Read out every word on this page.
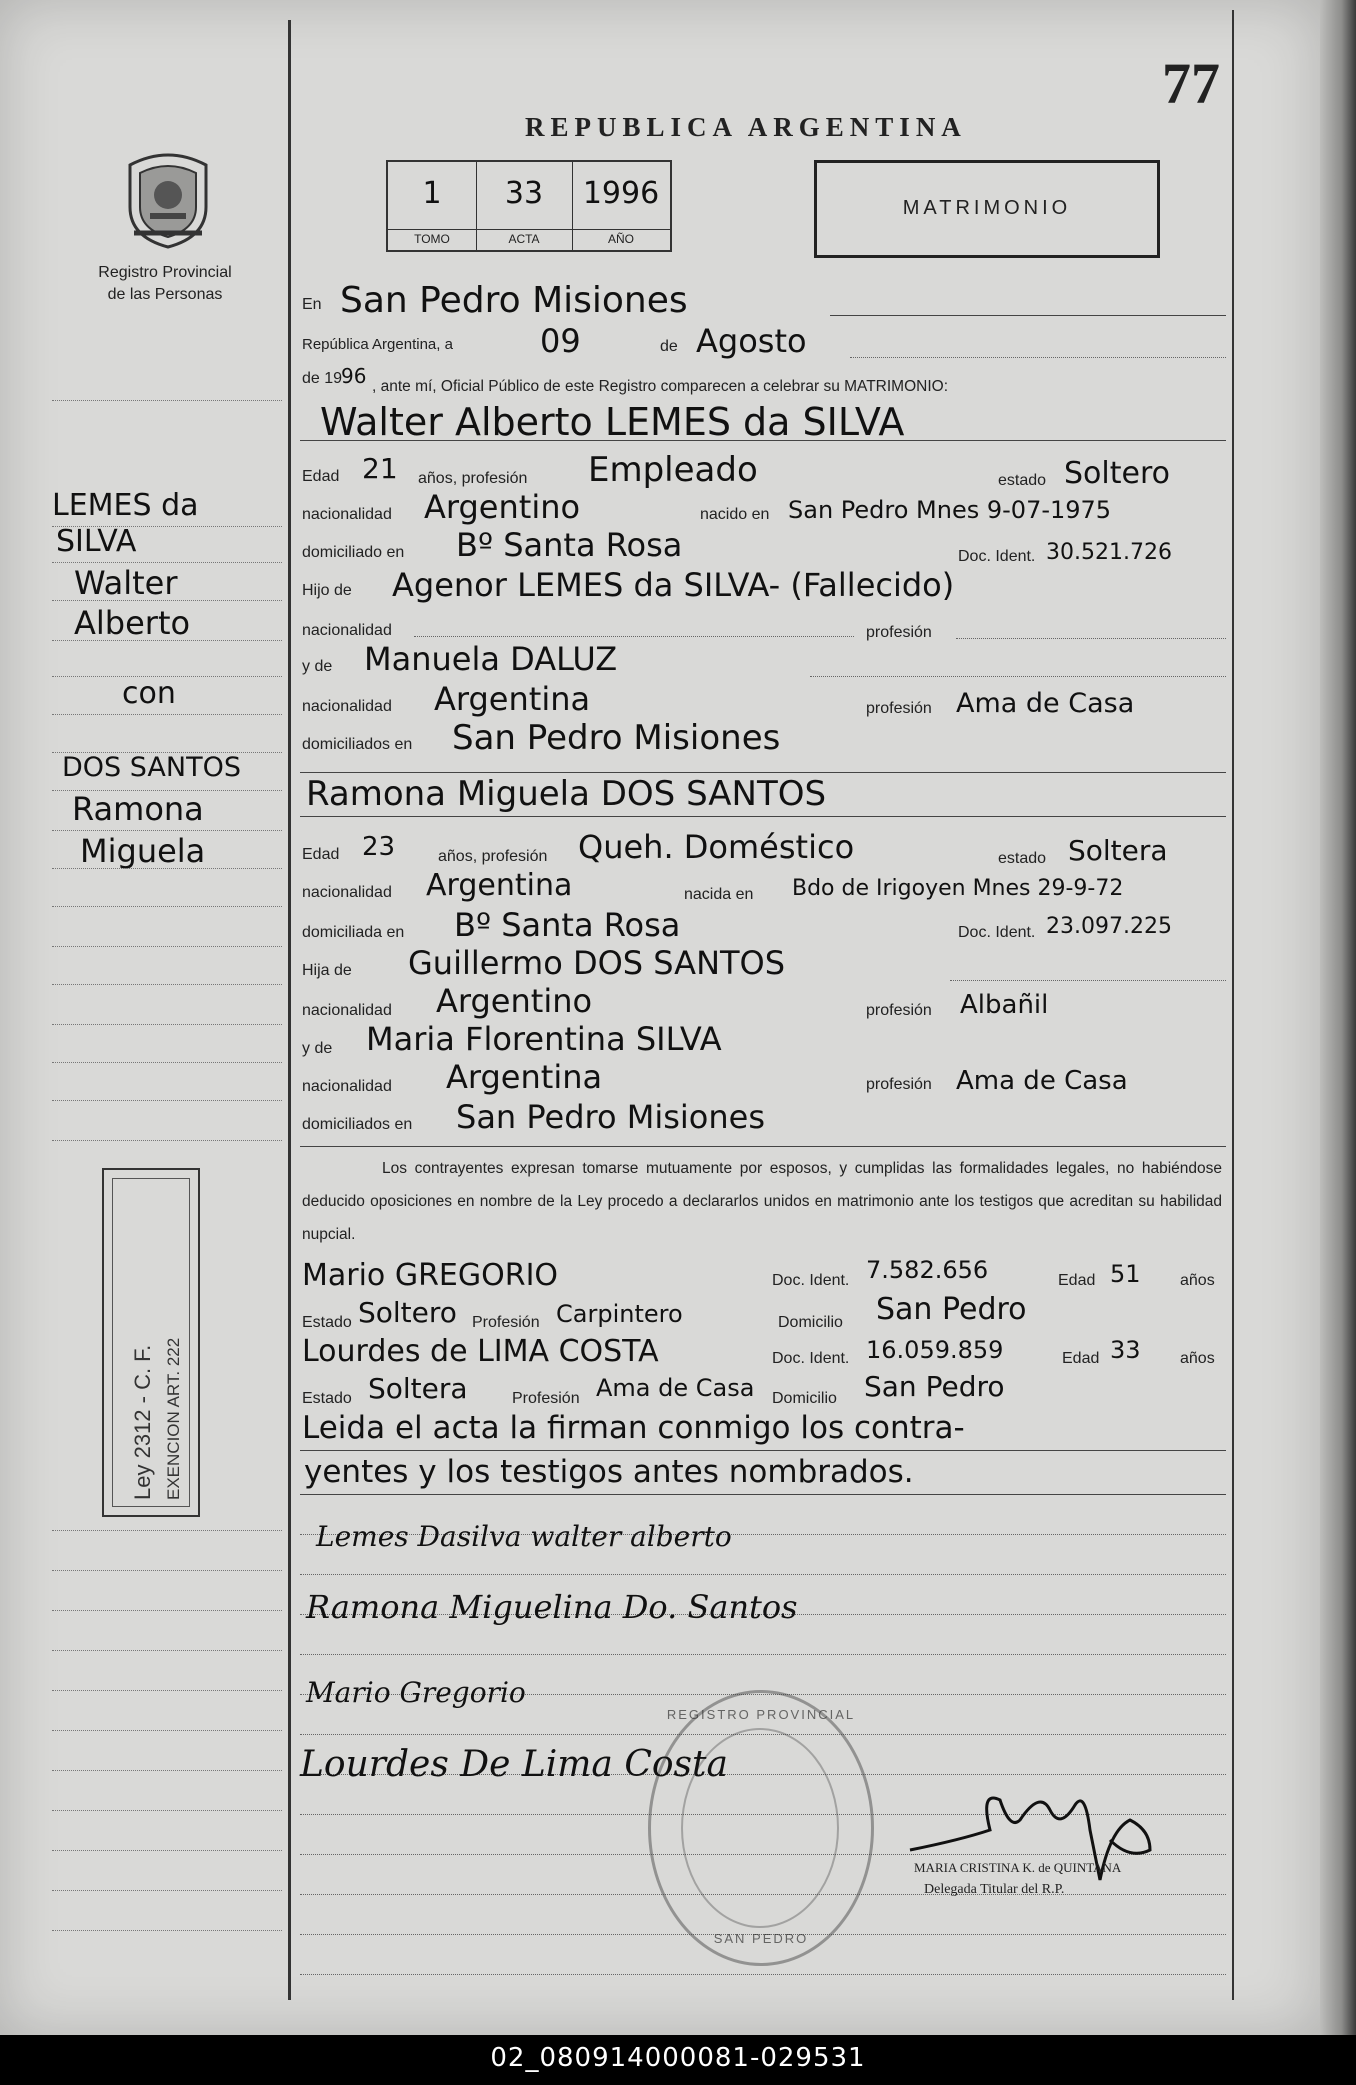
77
REPUBLICA ARGENTINA
Registro Provincial
de las Personas
1
TOMO
33
ACTA
1996
AÑO
MATRIMONIO
LEMES da
SILVA
Walter
Alberto
con
DOS SANTOS
Ramona
Miguela
Ley 2312 - C. F. EXENCION ART. 222
En San Pedro Misiones
República Argentina, a	09	de Agosto
de 19
96 , ante mí, Oficial Público de este Registro comparecen a celebrar su MATRIMONIO:
Walter Alberto LEMES da SILVA
Edad 21 años, profesión Empleado	estado Soltero
nacionalidad Argentino	nacido en San Pedro Mnes 9-07-1975
domiciliado en Bº Santa Rosa	Doc. Ident. 30.521.726
Hijo de Agenor LEMES da SILVA- (Fallecido)
nacionalidad	profesión
y de Manuela DALUZ
nacionalidad Argentina	profesión Ama de Casa
domiciliados en San Pedro Misiones
Ramona Miguela DOS SANTOS
Edad 23	años, profesión Queh. Doméstico	estado Soltera
nacionalidad Argentina	nacida en Bdo de Irigoyen Mnes 29-9-72
domiciliada en Bº Santa Rosa	Doc. Ident. 23.097.225
Hija de Guillermo DOS SANTOS
nacionalidad Argentino	profesión Albañil
y de Maria Florentina SILVA
nacionalidad Argentina	profesión Ama de Casa
domiciliados en San Pedro Misiones
Los contrayentes expresan tomarse mutuamente por esposos, y cumplidas las formalidades legales, no habiéndose deducido oposiciones en nombre de la Ley procedo a declararlos unidos en matrimonio ante los testigos que acreditan su habilidad nupcial.
Mario GREGORIO	Doc. Ident. 7.582.656	Edad 51 años
Estado Soltero Profesión Carpintero	Domicilio San Pedro
Lourdes de LIMA COSTA	Doc. Ident. 16.059.859	Edad 33 años
Estado Soltera	Profesión Ama de Casa Domicilio San Pedro
Leida el acta la firman conmigo los contra-
yentes y los testigos antes nombrados.
REGISTRO PROVINCIAL
SAN PEDRO
Lemes Dasilva walter alberto
Ramona Miguelina Do. Santos
Mario Gregorio
Lourdes De Lima Costa
MARIA CRISTINA K. de QUINTANA
Delegada Titular del R.P.
02_080914000081-029531
